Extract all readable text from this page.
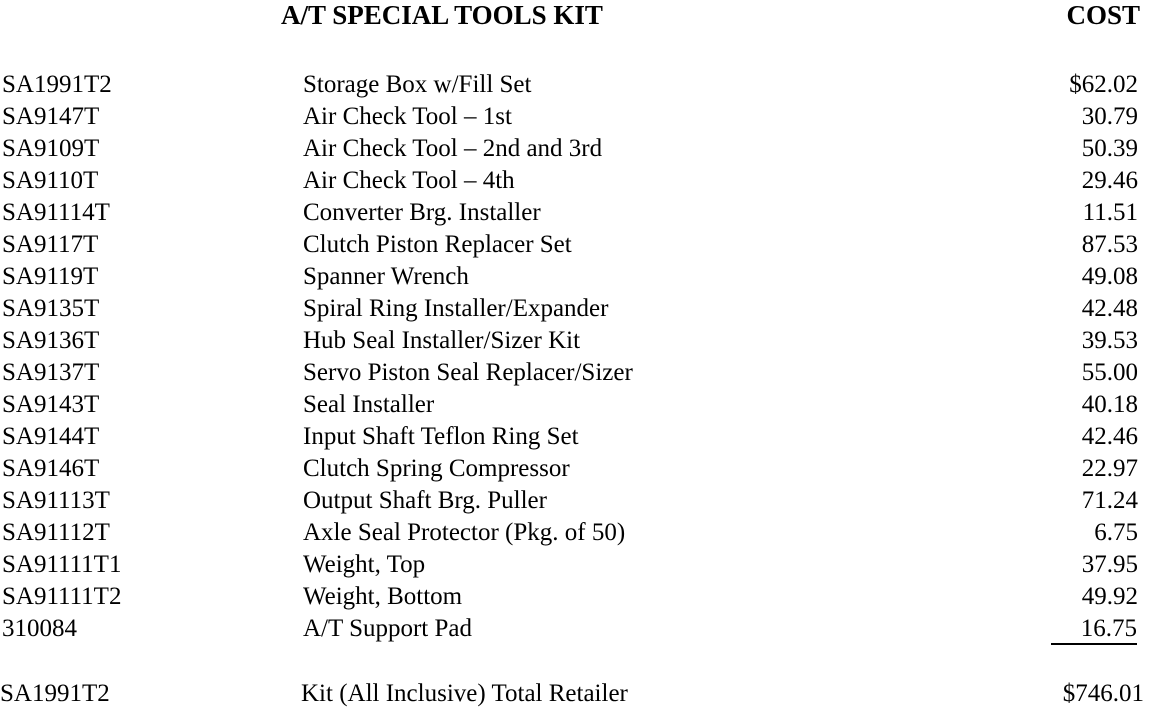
A/T SPECIAL TOOLS KIT	COST
SA1991T2	Storage Box w/Fill Set	$62.02
SA9147T	Air Check Tool – 1st	30.79
SA9109T	Air Check Tool – 2nd and 3rd	50.39
SA9110T	Air Check Tool – 4th	29.46
SA91114T	Converter Brg. Installer	11.51
SA9117T	Clutch Piston Replacer Set	87.53
SA9119T	Spanner Wrench	49.08
SA9135T	Spiral Ring Installer/Expander	42.48
SA9136T	Hub Seal Installer/Sizer Kit	39.53
SA9137T	Servo Piston Seal Replacer/Sizer	55.00
SA9143T	Seal Installer	40.18
SA9144T	Input Shaft Teflon Ring Set	42.46
SA9146T	Clutch Spring Compressor	22.97
SA91113T	Output Shaft Brg. Puller	71.24
SA91112T	Axle Seal Protector (Pkg. of 50)	6.75
SA91111T1	Weight, Top	37.95
SA91111T2	Weight, Bottom	49.92
310084	A/T Support Pad	16.75
SA1991T2	Kit (All Inclusive) Total Retailer	$746.01
